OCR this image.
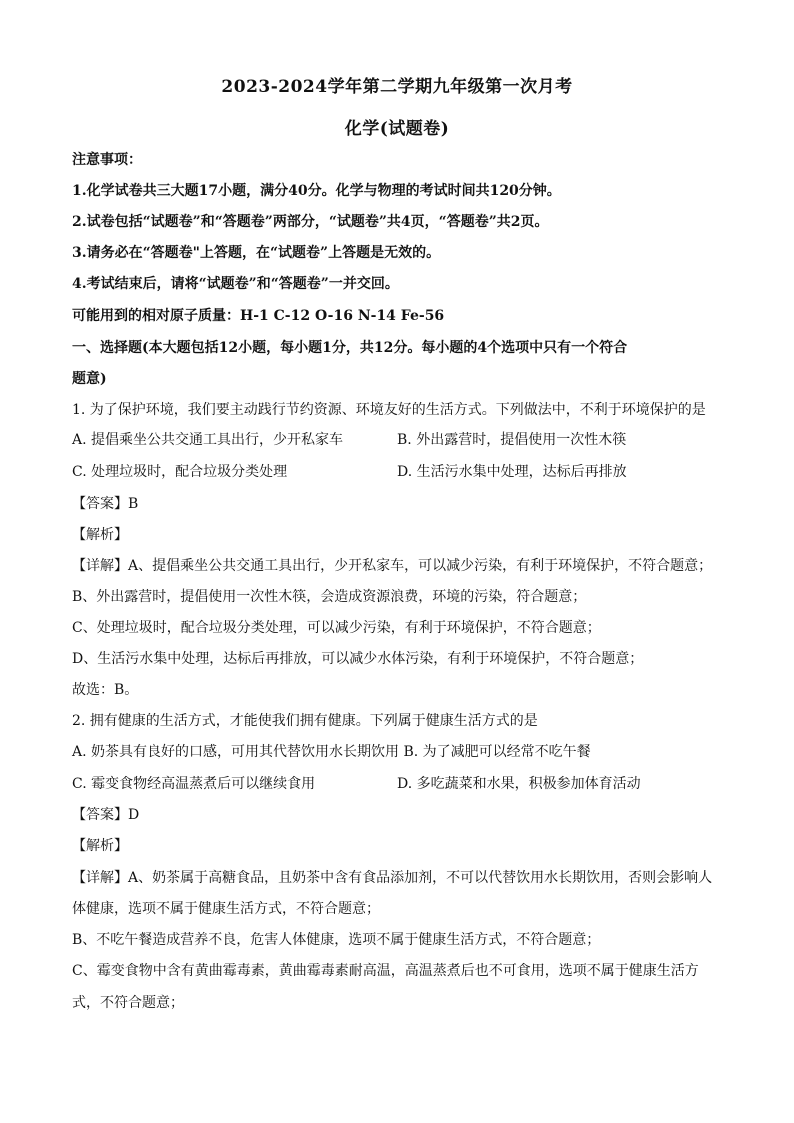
2023-2024学年第二学期九年级第一次月考
化学(试题卷)
注意事项：
1.化学试卷共三大题17小题，满分40分。化学与物理的考试时间共120分钟。
2.试卷包括“试题卷”和“答题卷”两部分，“试题卷”共4页，“答题卷”共2页。
3.请务必在“答题卷"上答题，在“试题卷”上答题是无效的。
4.考试结束后，请将“试题卷”和“答题卷”一并交回。
可能用到的相对原子质量：H-1 C-12 O-16 N-14 Fe-56
一、选择题(本大题包括12小题，每小题1分，共12分。每小题的4个选项中只有一个符合
题意)
1. 为了保护环境，我们要主动践行节约资源、环境友好的生活方式。下列做法中，不利于环境保护的是
A. 提倡乘坐公共交通工具出行，少开私家车	B. 外出露营时，提倡使用一次性木筷
C. 处理垃圾时，配合垃圾分类处理	D. 生活污水集中处理，达标后再排放
【答案】B
【解析】
【详解】A、提倡乘坐公共交通工具出行，少开私家车，可以减少污染，有利于环境保护，不符合题意；
B、外出露营时，提倡使用一次性木筷，会造成资源浪费，环境的污染，符合题意；
C、处理垃圾时，配合垃圾分类处理，可以减少污染，有利于环境保护，不符合题意；
D、生活污水集中处理，达标后再排放，可以减少水体污染，有利于环境保护，不符合题意；
故选：B。
2. 拥有健康的生活方式，才能使我们拥有健康。下列属于健康生活方式的是
A. 奶茶具有良好的口感，可用其代替饮用水长期饮用 B. 为了减肥可以经常不吃午餐
C. 霉变食物经高温蒸煮后可以继续食用	D. 多吃蔬菜和水果，积极参加体育活动
【答案】D
【解析】
【详解】A、奶茶属于高糖食品，且奶茶中含有食品添加剂，不可以代替饮用水长期饮用，否则会影响人
体健康，选项不属于健康生活方式，不符合题意；
B、不吃午餐造成营养不良，危害人体健康，选项不属于健康生活方式，不符合题意；
C、霉变食物中含有黄曲霉毒素，黄曲霉毒素耐高温，高温蒸煮后也不可食用，选项不属于健康生活方
式，不符合题意；
